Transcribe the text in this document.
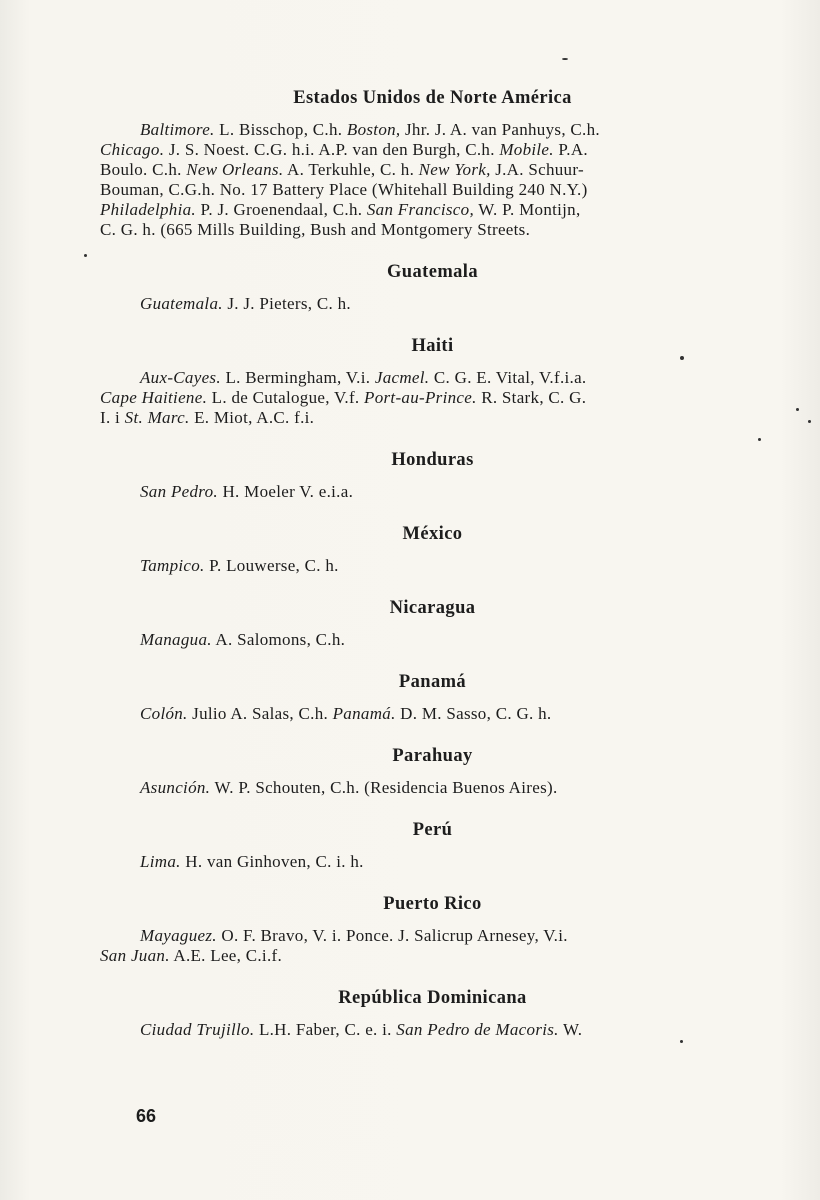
Estados Unidos de Norte América

Baltimore. L. Bisschop, C.h. Boston, Jhr. J. A. van Panhuys, C.h.

Chicago. J. S. Noest. C.G. h.i. A.P. van den Burgh, C.h. Mobile. P.A.

Boulo. C.h. New Orleans. A. Terkuhle, C. h. New York, J.A. Schuur-

Bouman, C.G.h. No. 17 Battery Place (Whitehall Building 240 N.Y.)

Philadelphia. P. J. Groenendaal, C.h. San Francisco, W. P. Montijn,

C. G. h. (665 Mills Building, Bush and Montgomery Streets.

Guatemala

Guatemala. J. J. Pieters, C. h.

Haiti

Aux-Cayes. L. Bermingham, V.i. Jacmel. C. G. E. Vital, V.f.i.a.

Cape Haitiene. L. de Cutalogue, V.f. Port-au-Prince. R. Stark, C. G.

I. i St. Marc. E. Miot, A.C. f.i.

Honduras

San Pedro. H. Moeler V. e.i.a.

México

Tampico. P. Louwerse, C. h.

Nicaragua

Managua. A. Salomons, C.h.

Panamá

Colón. Julio A. Salas, C.h. Panamá. D. M. Sasso, C. G. h.

Parahuay

Asunción. W. P. Schouten, C.h. (Residencia Buenos Aires).

Perú

Lima. H. van Ginhoven, C. i. h.

Puerto Rico

Mayaguez. O. F. Bravo, V. i. Ponce. J. Salicrup Arnesey, V.i.

San Juan. A.E. Lee, C.i.f.

República Dominicana

Ciudad Trujillo. L.H. Faber, C. e. i. San Pedro de Macoris. W.

66
